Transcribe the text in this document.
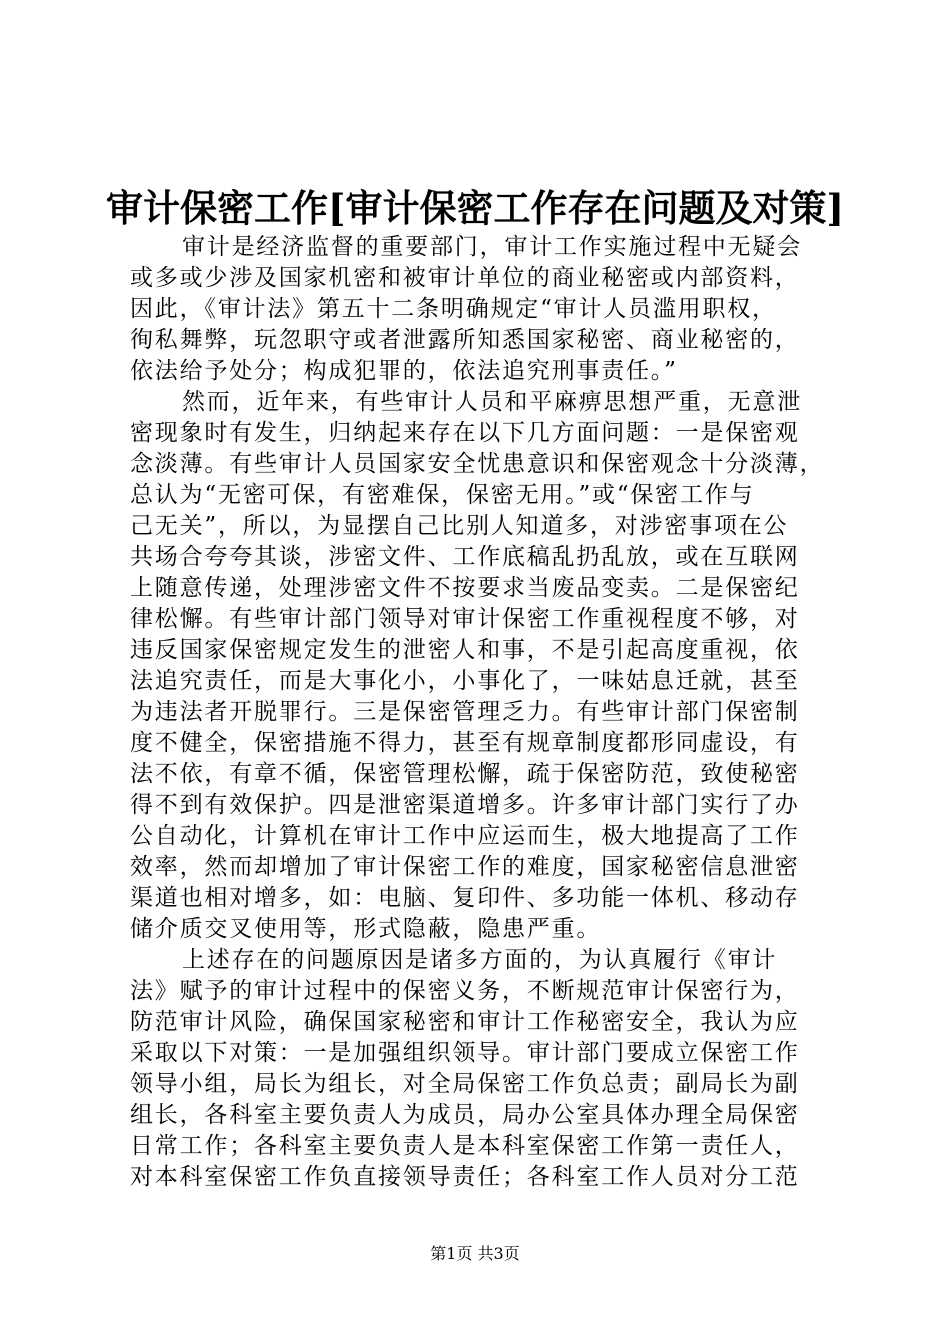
审计保密工作[审计保密工作存在问题及对策]
审计是经济监督的重要部门，审计工作实施过程中无疑会
或多或少涉及国家机密和被审计单位的商业秘密或内部资料，
因此，《审计法》第五十二条明确规定“审计人员滥用职权，
徇私舞弊，玩忽职守或者泄露所知悉国家秘密、商业秘密的，
依法给予处分；构成犯罪的，依法追究刑事责任。”
然而，近年来，有些审计人员和平麻痹思想严重，无意泄
密现象时有发生，归纳起来存在以下几方面问题：一是保密观
念淡薄。有些审计人员国家安全忧患意识和保密观念十分淡薄，
总认为“无密可保，有密难保，保密无用。”或“保密工作与
己无关”，所以，为显摆自己比别人知道多，对涉密事项在公
共场合夸夸其谈，涉密文件、工作底稿乱扔乱放，或在互联网
上随意传递，处理涉密文件不按要求当废品变卖。二是保密纪
律松懈。有些审计部门领导对审计保密工作重视程度不够，对
违反国家保密规定发生的泄密人和事，不是引起高度重视，依
法追究责任，而是大事化小，小事化了，一味姑息迁就，甚至
为违法者开脱罪行。三是保密管理乏力。有些审计部门保密制
度不健全，保密措施不得力，甚至有规章制度都形同虚设，有
法不依，有章不循，保密管理松懈，疏于保密防范，致使秘密
得不到有效保护。四是泄密渠道增多。许多审计部门实行了办
公自动化，计算机在审计工作中应运而生，极大地提高了工作
效率，然而却增加了审计保密工作的难度，国家秘密信息泄密
渠道也相对增多，如：电脑、复印件、多功能一体机、移动存
储介质交叉使用等，形式隐蔽，隐患严重。
上述存在的问题原因是诸多方面的，为认真履行《审计
法》赋予的审计过程中的保密义务，不断规范审计保密行为，
防范审计风险，确保国家秘密和审计工作秘密安全，我认为应
采取以下对策：一是加强组织领导。审计部门要成立保密工作
领导小组，局长为组长，对全局保密工作负总责；副局长为副
组长，各科室主要负责人为成员，局办公室具体办理全局保密
日常工作；各科室主要负责人是本科室保密工作第一责任人，
对本科室保密工作负直接领导责任；各科室工作人员对分工范
第1页 共3页
